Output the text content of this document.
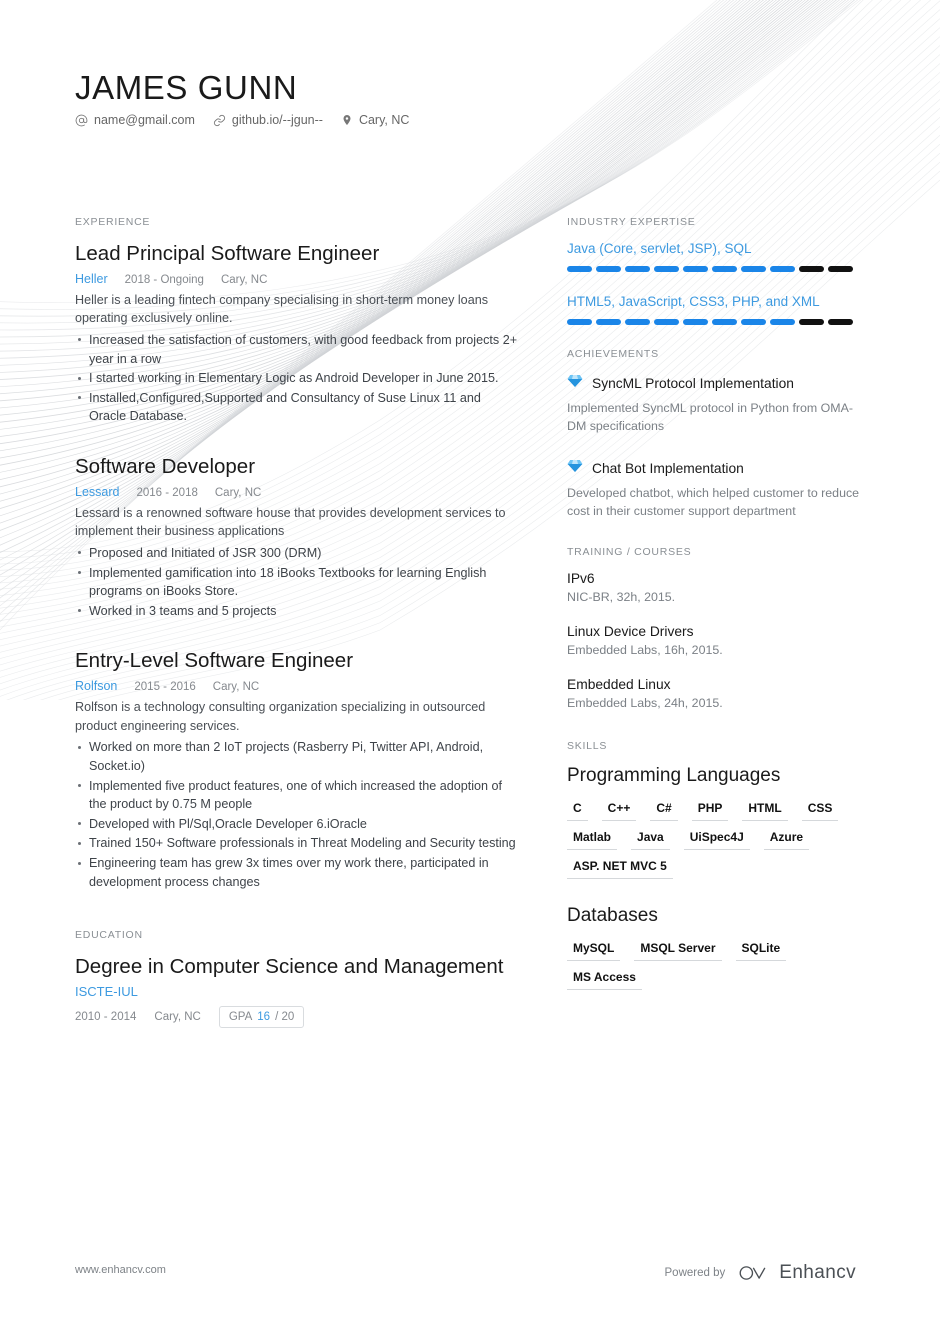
JAMES GUNN
name@gmail.com	github.io/--jgun--	Cary, NC
EXPERIENCE
Lead Principal Software Engineer
Heller 2018 - Ongoing Cary, NC
Heller is a leading fintech company specialising in short-term money loans operating exclusively online.
Increased the satisfaction of customers, with good feedback from projects 2+ year in a row
I started working in Elementary Logic as Android Developer in June 2015.
Installed,Configured,Supported and Consultancy of Suse Linux 11 and Oracle Database.
Software Developer
Lessard 2016 - 2018 Cary, NC
Lessard is a renowned software house that provides development services to implement their business applications
Proposed and Initiated of JSR 300 (DRM)
Implemented gamification into 18 iBooks Textbooks for learning English programs on iBooks Store.
Worked in 3 teams and 5 projects
Entry-Level Software Engineer
Rolfson 2015 - 2016 Cary, NC
Rolfson is a technology consulting organization specializing in outsourced product engineering services.
Worked on more than 2 IoT projects (Rasberry Pi, Twitter API, Android, Socket.io)
Implemented five product features, one of which increased the adoption of the product by 0.75 M people
Developed with Pl/Sql,Oracle Developer 6.iOracle
Trained 150+ Software professionals in Threat Modeling and Security testing
Engineering team has grew 3x times over my work there, participated in development process changes
EDUCATION
Degree in Computer Science and Management
ISCTE-IUL
2010 - 2014 Cary, NC GPA 16 / 20
INDUSTRY EXPERTISE
Java (Core, servlet, JSP), SQL
HTML5, JavaScript, CSS3, PHP, and XML
ACHIEVEMENTS
SyncML Protocol Implementation
Implemented SyncML protocol in Python from OMA-DM specifications
Chat Bot Implementation
Developed chatbot, which helped customer to reduce cost in their customer support department
TRAINING / COURSES
IPv6
NIC-BR, 32h, 2015.
Linux Device Drivers
Embedded Labs, 16h, 2015.
Embedded Linux
Embedded Labs, 24h, 2015.
SKILLS
Programming Languages
C	C++	C#	PHP	HTML	CSS
Matlab	Java	UiSpec4J	Azure
ASP. NET MVC 5
Databases
MySQL	MSQL Server	SQLite
MS Access
www.enhancv.com	Powered by	Enhancv
